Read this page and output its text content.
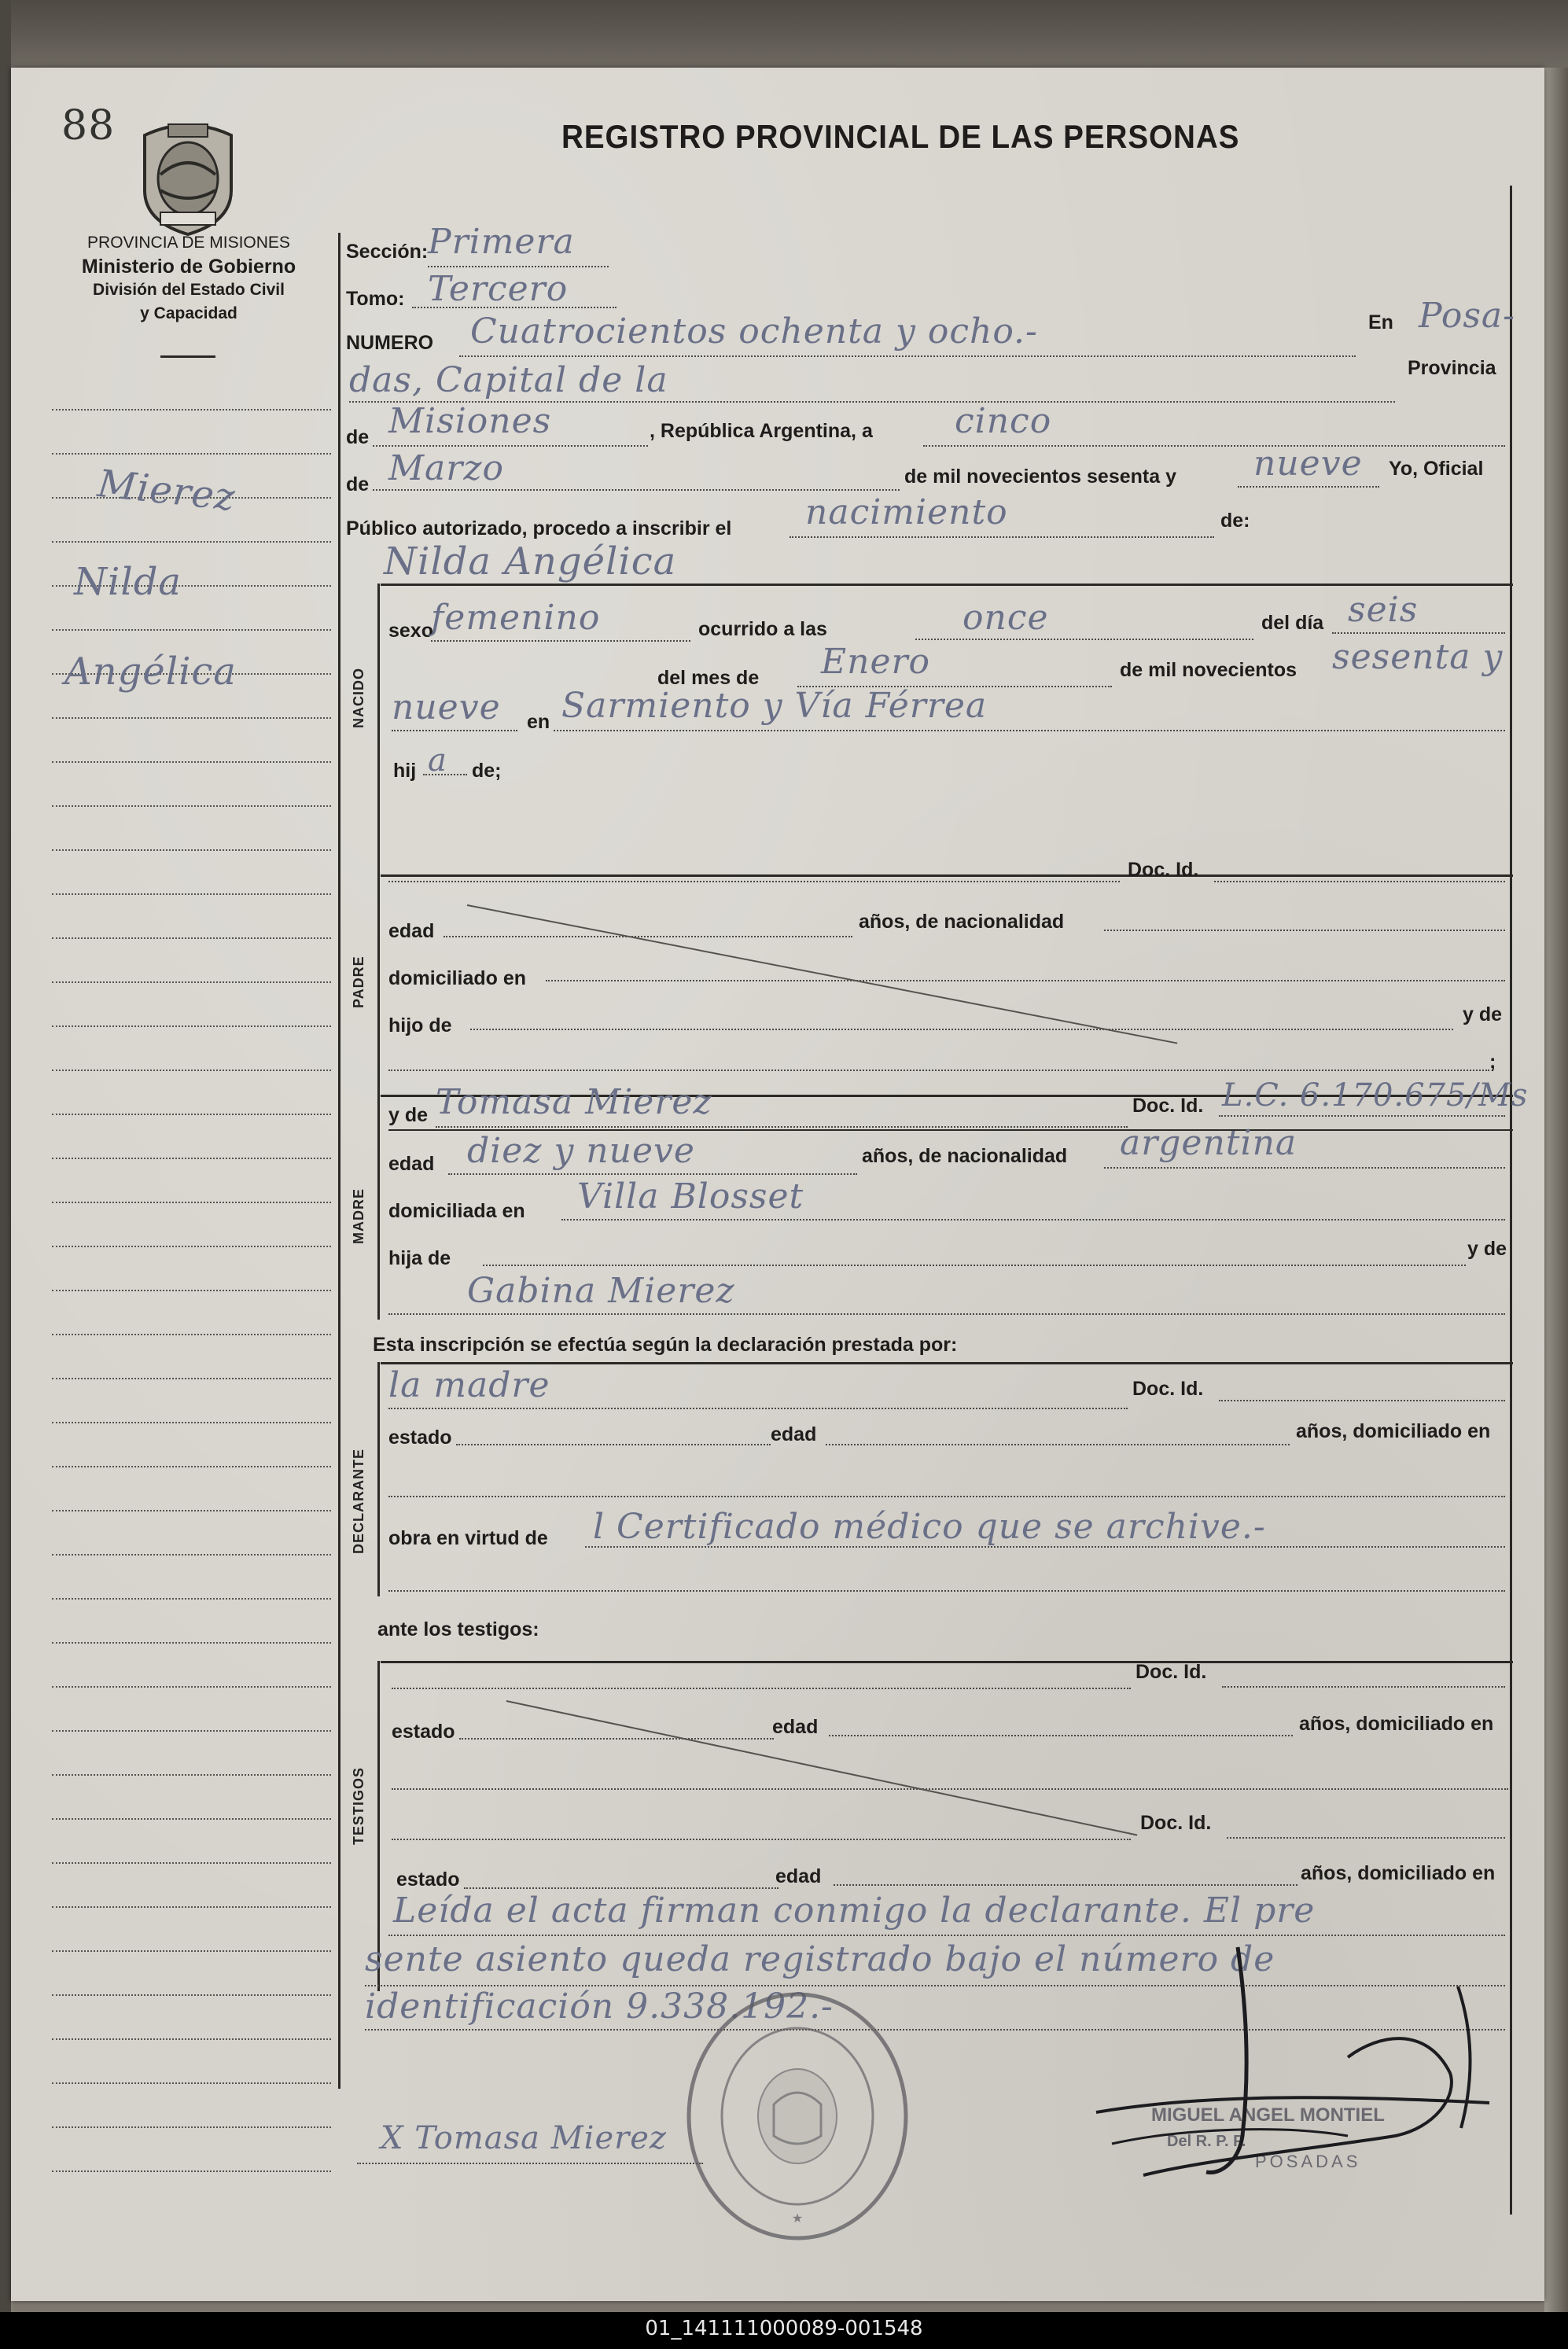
88
PROVINCIA DE MISIONES
Ministerio de Gobierno
División del Estado Civil
y Capacidad
REGISTRO PROVINCIAL DE LAS PERSONAS
Mierez
Nilda
Angélica
Sección: Primera
Tomo: Tercero
NUMERO Cuatrocientos ochenta y ocho.-	En Posa-
das, Capital de la	Provincia
de Misiones	, República Argentina, a cinco
de Marzo	de mil novecientos sesenta y nueve Yo, Oficial
Público autorizado, procedo a inscribir el nacimiento	de:
Nilda Angélica
NACIDO
sexo
femenino	ocurrido a las	once	del día seis
del mes de Enero	de mil novecientos sesenta y
nueve en Sarmiento y Vía Férrea
hij a de;
PADRE
Doc. Id.
edad	años, de nacionalidad
domiciliado en
hijo de	y de
;
MADRE
y de Tomasa Mierez	Doc. Id. L.C. 6.170.675/Ms
edad diez y nueve	años, de nacionalidad argentina
domiciliada en Villa Blosset
hija de	y de
Gabina Mierez
Esta inscripción se efectúa según la declaración prestada por:
DECLARANTE
la madre	Doc. Id.
estado	edad	años, domiciliado en
obra en virtud de l Certificado médico que se archive.-
ante los testigos:
TESTIGOS
Doc. Id.
estado	edad	años, domiciliado en
Doc. Id.
estado	edad	años, domiciliado en
Leída el acta firman conmigo la declarante. El pre
sente asiento queda registrado bajo el número de
identificación 9.338.192.-
X Tomasa Mierez
★
MIGUEL ANGEL MONTIEL
Del R. P. P.
POSADAS
01_141111000089-001548
